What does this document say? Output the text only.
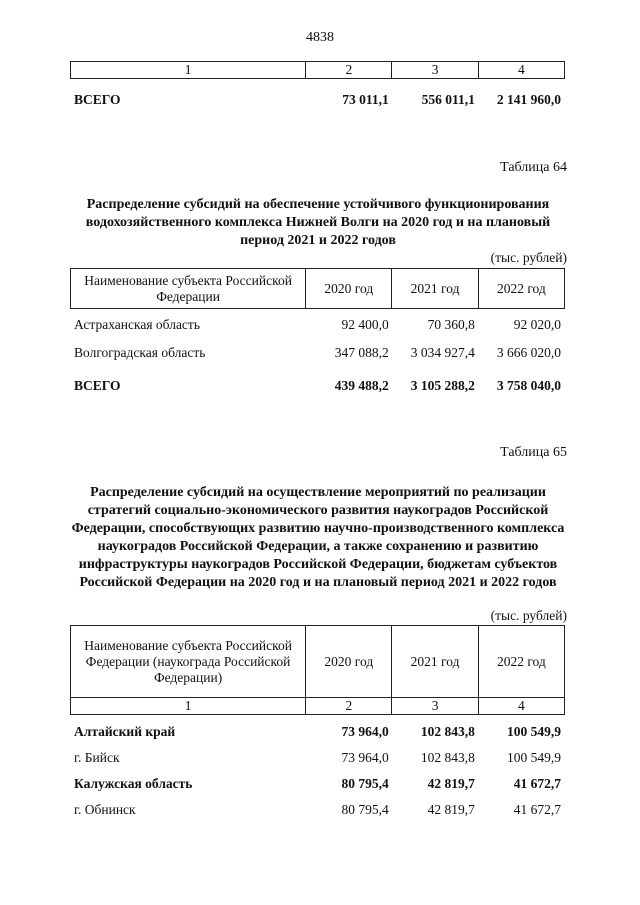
4838
1	2	3	4
ВСЕГО	73 011,1	556 011,1	2 141 960,0
Таблица 64
Распределение субсидий на обеспечение устойчивого функционирования водохозяйственного комплекса Нижней Волги на 2020 год и на плановый период 2021 и 2022 годов
(тыс. рублей)
Наименование субъекта Российской Федерации	2020 год	2021 год	2022 год
Астраханская область	92 400,0	70 360,8	92 020,0
Волгоградская область	347 088,2	3 034 927,4	3 666 020,0
ВСЕГО	439 488,2	3 105 288,2	3 758 040,0
Таблица 65
Распределение субсидий на осуществление мероприятий по реализации стратегий социально-экономического развития наукоградов Российской Федерации, способствующих развитию научно-производственного комплекса наукоградов Российской Федерации, а также сохранению и развитию инфраструктуры наукоградов Российской Федерации, бюджетам субъектов Российской Федерации на 2020 год и на плановый период 2021 и 2022 годов
(тыс. рублей)
Наименование субъекта Российской Федерации (наукограда Российской Федерации)	2020 год	2021 год	2022 год
1	2	3	4
Алтайский край	73 964,0	102 843,8	100 549,9
г. Бийск	73 964,0	102 843,8	100 549,9
Калужская область	80 795,4	42 819,7	41 672,7
г. Обнинск	80 795,4	42 819,7	41 672,7
